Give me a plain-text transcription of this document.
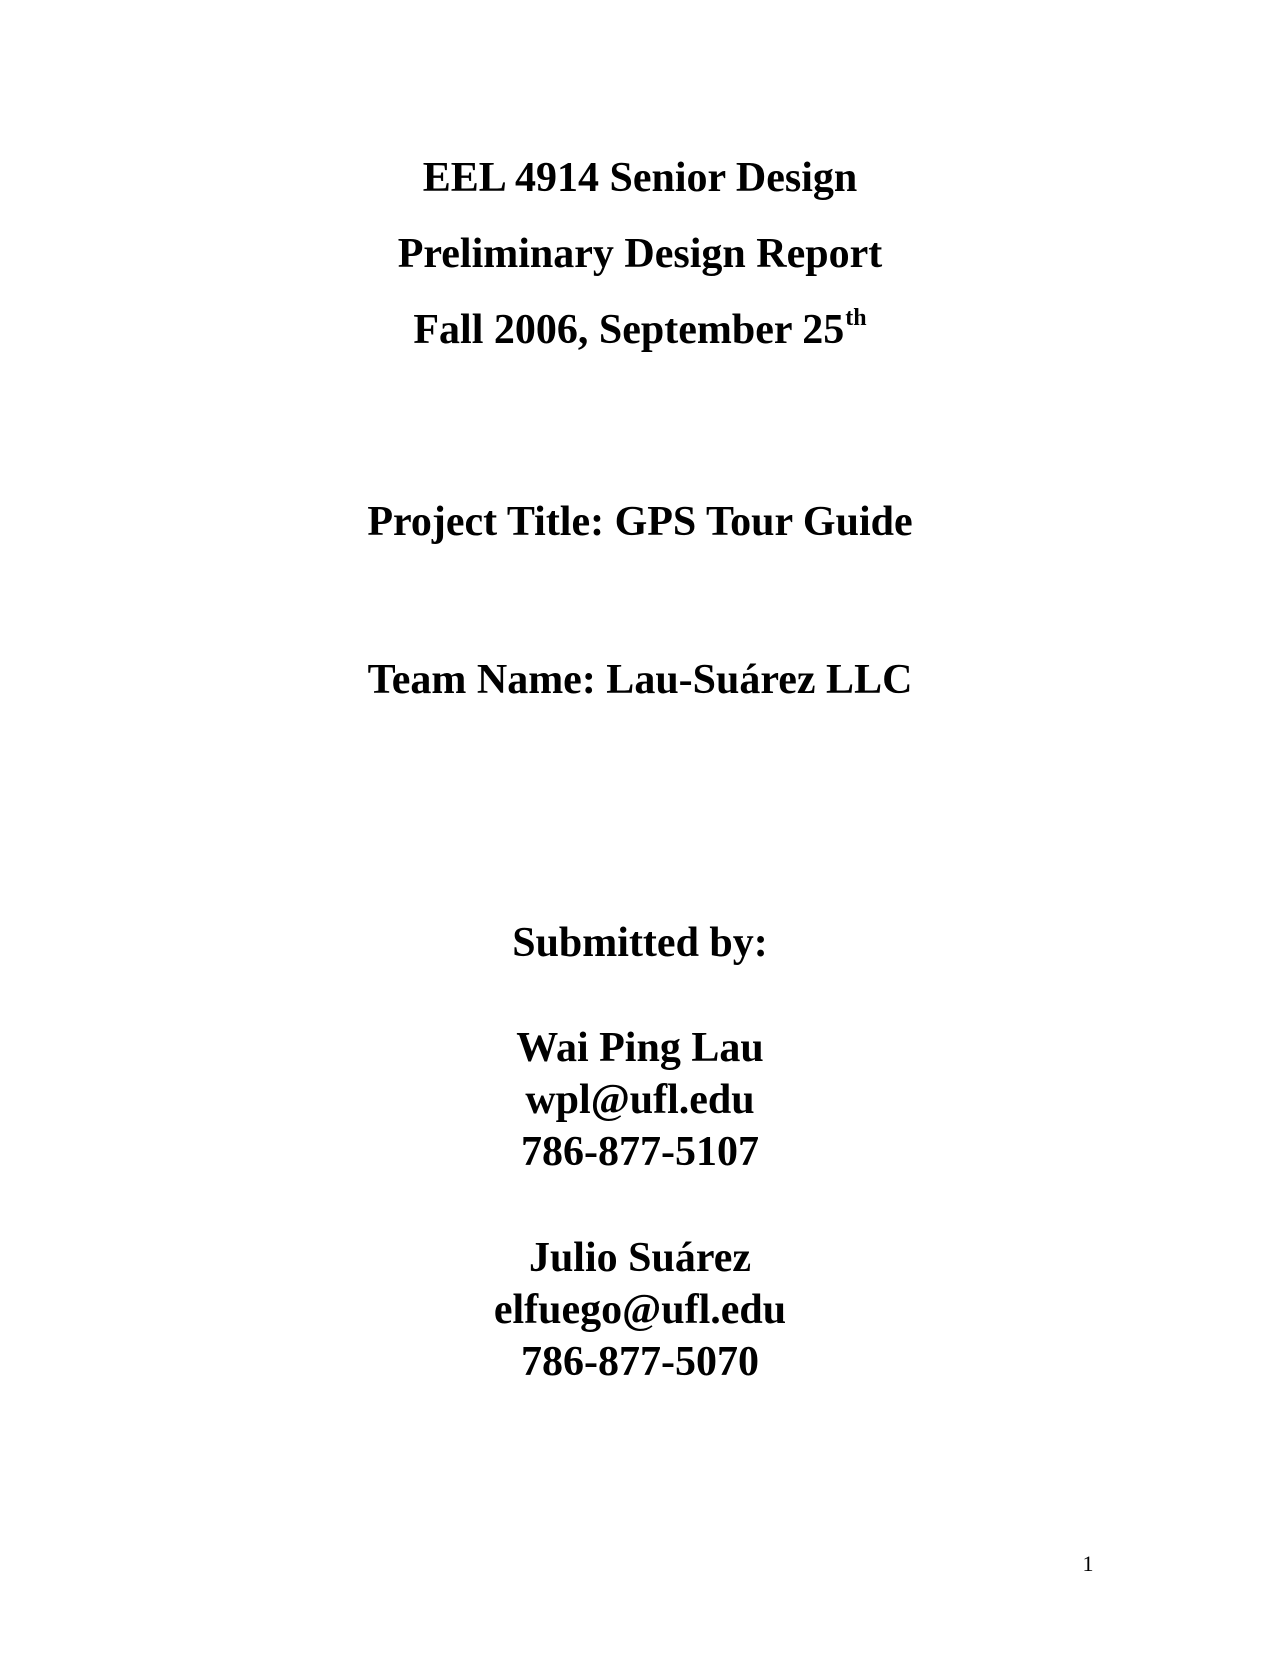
EEL 4914 Senior Design
Preliminary Design Report
Fall 2006, September 25th
Project Title: GPS Tour Guide
Team Name: Lau-Suárez LLC
Submitted by:
Wai Ping Lau
wpl@ufl.edu
786-877-5107
Julio Suárez
elfuego@ufl.edu
786-877-5070
1
